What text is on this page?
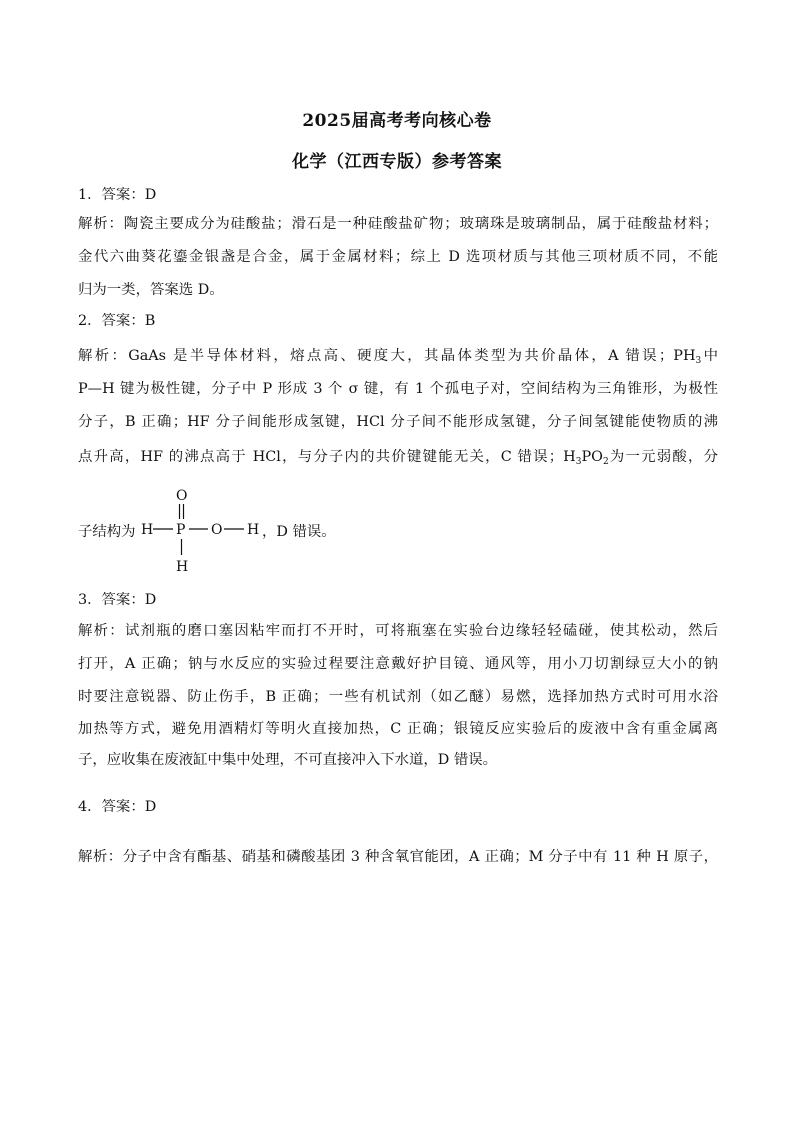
2025届高考考向核心卷
化学（江西专版）参考答案
1．答案：D
解析：陶瓷主要成分为硅酸盐；滑石是一种硅酸盐矿物；玻璃珠是玻璃制品，属于硅酸盐材料；
金代六曲葵花鎏金银盏是合金，属于金属材料；综上 D 选项材质与其他三项材质不同，不能
归为一类，答案选 D。
2．答案：B
解析：GaAs 是半导体材料，熔点高、硬度大，其晶体类型为共价晶体，A 错误；$PH_3$中
P—H 键为极性键，分子中 P 形成 3 个 σ 键，有 1 个孤电子对，空间结构为三角锥形，为极性
分子，B 正确；HF 分子间能形成氢键，HCl 分子间不能形成氢键，分子间氢键能使物质的沸
点升高，HF 的沸点高于 HCl，与分子内的共价键键能无关，C 错误；$H_3PO_2$为一元弱酸，分
子结构为
O
H P O H
H
，D 错误。
3．答案：D
解析：试剂瓶的磨口塞因粘牢而打不开时，可将瓶塞在实验台边缘轻轻磕碰，使其松动，然后
打开，A 正确；钠与水反应的实验过程要注意戴好护目镜、通风等，用小刀切割绿豆大小的钠
时要注意锐器、防止伤手，B 正确；一些有机试剂（如乙醚）易燃，选择加热方式时可用水浴
加热等方式，避免用酒精灯等明火直接加热，C 正确；银镜反应实验后的废液中含有重金属离
子，应收集在废液缸中集中处理，不可直接冲入下水道，D 错误。
4．答案：D
解析：分子中含有酯基、硝基和磷酸基团 3 种含氧官能团，A 正确；M 分子中有 11 种 H 原子，
